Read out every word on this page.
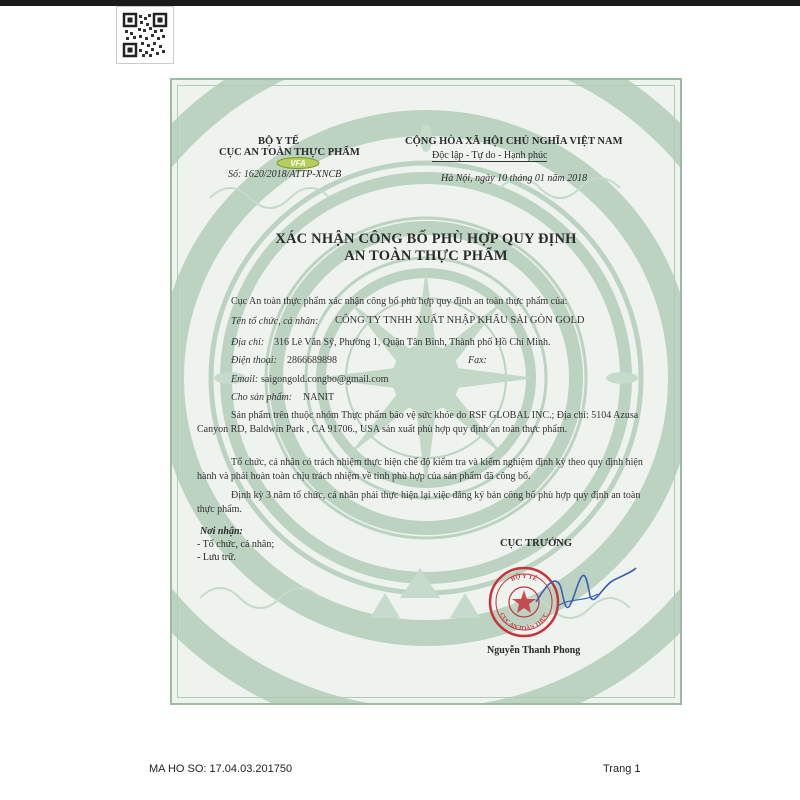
BỘ Y TẾ
CỤC AN TOÀN THỰC PHẨM
VFA
Số: 1620/2018/ATTP-XNCB
CỘNG HÒA XÃ HỘI CHỦ NGHĨA VIỆT NAM
Độc lập - Tự do - Hạnh phúc
Hà Nội, ngày 10 tháng 01 năm 2018
XÁC NHẬN CÔNG BỐ PHÙ HỢP QUY ĐỊNH
AN TOÀN THỰC PHẨM
Cục An toàn thực phẩm xác nhận công bố phù hợp quy định an toàn thực phẩm của:
Tên tổ chức, cá nhân: CÔNG TY TNHH XUẤT NHẬP KHẨU SÀI GÒN GOLD
Địa chỉ: 316 Lê Văn Sỹ, Phường 1, Quận Tân Bình, Thành phố Hồ Chí Minh.
Điện thoại: 2866689898	Fax:
Email: saigongold.congbo@gmail.com
Cho sản phẩm: NANIT
Sản phẩm trên thuộc nhóm Thực phẩm bảo vệ sức khỏe do RSF GLOBAL INC.; Địa chỉ: 5104 Azusa Canyon RD, Baldwin Park , CA 91706., USA sản xuất phù hợp quy định an toàn thực phẩm.
Tổ chức, cá nhân có trách nhiệm thực hiện chế độ kiểm tra và kiểm nghiệm định kỳ theo quy định hiện hành và phải hoàn toàn chịu trách nhiệm về tính phù hợp của sản phẩm đã công bố.
Định kỳ 3 năm tổ chức, cá nhân phải thực hiện lại việc đăng ký bản công bố phù hợp quy định an toàn thực phẩm.
Nơi nhận:
- Tổ chức, cá nhân;
- Lưu trữ.
CỤC TRƯỞNG
BỘ Y TẾ
CỤC AN TOÀN THỰC
Nguyễn Thanh Phong
MA HO SO: 17.04.03.201750	Trang 1
